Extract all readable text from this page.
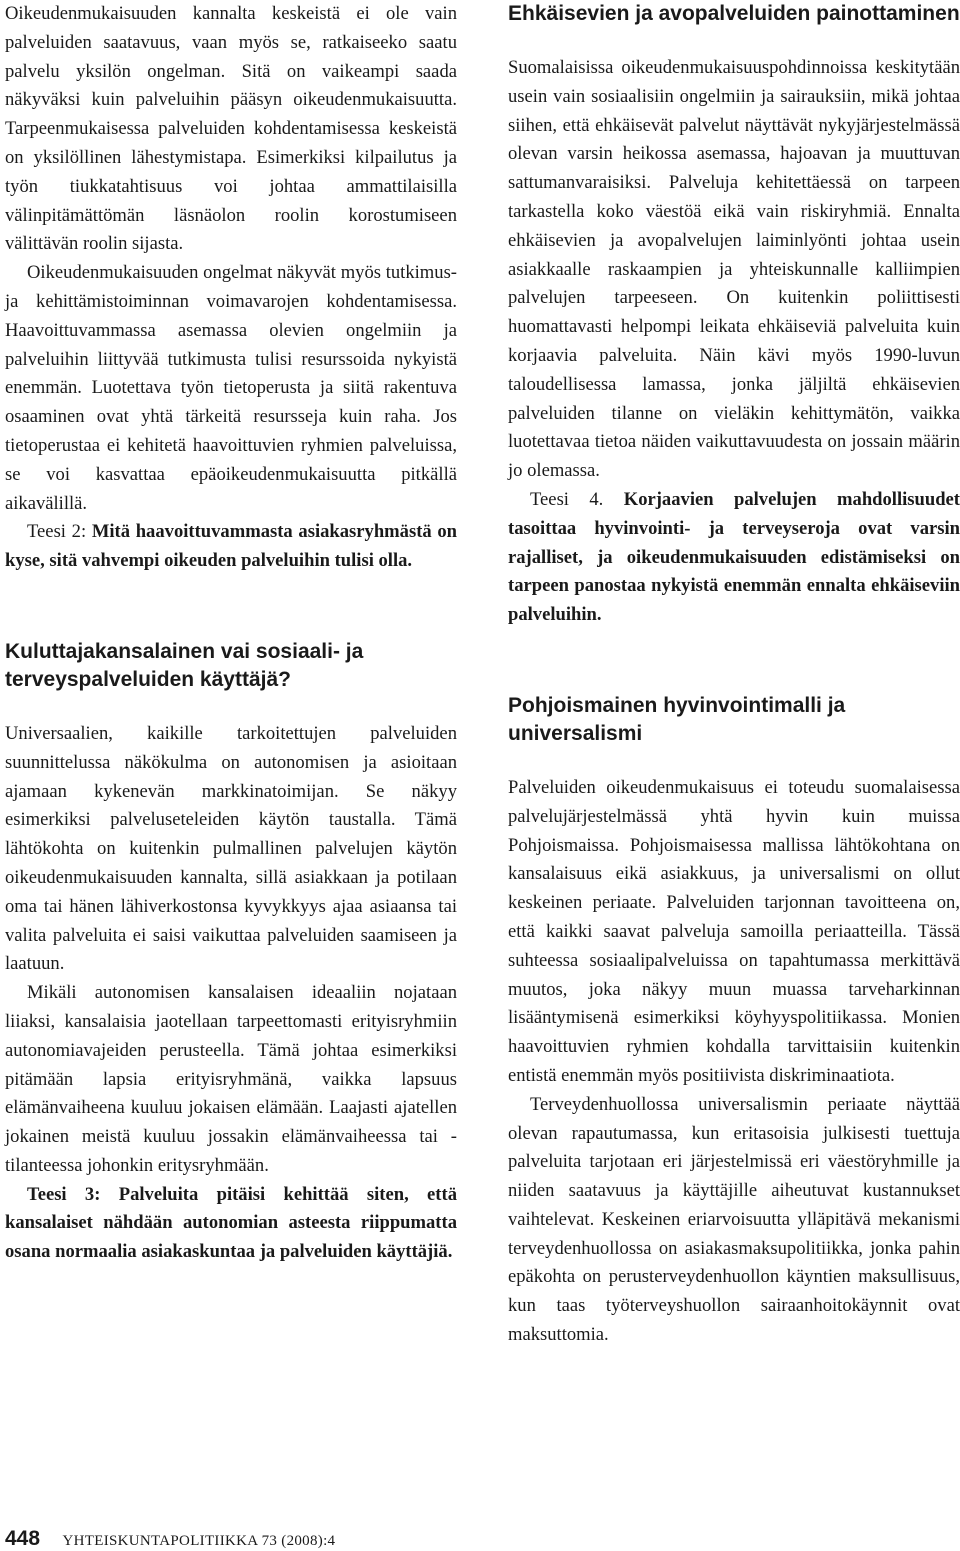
Oikeudenmukaisuuden kannalta keskeistä ei ole vain palveluiden saatavuus, vaan myös se, ratkaiseeko saatu palvelu yksilön ongelman. Sitä on vaikeampi saada näkyväksi kuin palveluihin pääsyn oikeudenmukaisuutta. Tarpeenmukaisessa palveluiden kohdentamisessa keskeistä on yksilöllinen lähestymistapa. Esimerkiksi kilpailutus ja työn tiukkatahtisuus voi johtaa ammattilaisilla välinpitämättömän läsnäolon roolin korostumiseen välittävän roolin sijasta.

Oikeudenmukaisuuden ongelmat näkyvät myös tutkimus- ja kehittämistoiminnan voimavarojen kohdentamisessa. Haavoittuvammassa asemassa olevien ongelmiin ja palveluihin liittyvää tutkimusta tulisi resurssoida nykyistä enemmän. Luotettava työn tietoperusta ja siitä rakentuva osaaminen ovat yhtä tärkeitä resursseja kuin raha. Jos tietoperustaa ei kehitetä haavoittuvien ryhmien palveluissa, se voi kasvattaa epäoikeudenmukaisuutta pitkällä aikavälillä.

Teesi 2: Mitä haavoittuvammasta asiakasryhmästä on kyse, sitä vahvempi oikeuden palveluihin tulisi olla.

Kuluttajakansalainen vai sosiaali- ja terveyspalveluiden käyttäjä?

Universaalien, kaikille tarkoitettujen palveluiden suunnittelussa näkökulma on autonomisen ja asioitaan ajamaan kykenevän markkinatoimijan. Se näkyy esimerkiksi palveluseteleiden käytön taustalla. Tämä lähtökohta on kuitenkin pulmallinen palvelujen käytön oikeudenmukaisuuden kannalta, sillä asiakkaan ja potilaan oma tai hänen lähiverkostonsa kyvykkyys ajaa asiaansa tai valita palveluita ei saisi vaikuttaa palveluiden saamiseen ja laatuun.

Mikäli autonomisen kansalaisen ideaaliin nojataan liiaksi, kansalaisia jaotellaan tarpeettomasti erityisryhmiin autonomiavajeiden perusteella. Tämä johtaa esimerkiksi pitämään lapsia erityisryhmänä, vaikka lapsuus elämänvaiheena kuuluu jokaisen elämään. Laajasti ajatellen jokainen meistä kuuluu jossakin elämänvaiheessa tai -tilanteessa johonkin eritysryhmään.

Teesi 3: Palveluita pitäisi kehittää siten, että kansalaiset nähdään autonomian asteesta riippumatta osana normaalia asiakaskuntaa ja palveluiden käyttäjiä.

Ehkäisevien ja avopalveluiden painottaminen

Suomalaisissa oikeudenmukaisuuspohdinnoissa keskitytään usein vain sosiaalisiin ongelmiin ja sairauksiin, mikä johtaa siihen, että ehkäisevät palvelut näyttävät nykyjärjestelmässä olevan varsin heikossa asemassa, hajoavan ja muuttuvan sattumanvaraisiksi. Palveluja kehitettäessä on tarpeen tarkastella koko väestöä eikä vain riskiryhmiä. Ennalta ehkäisevien ja avopalvelujen laiminlyönti johtaa usein asiakkaalle raskaampien ja yhteiskunnalle kalliimpien palvelujen tarpeeseen. On kuitenkin poliittisesti huomattavasti helpompi leikata ehkäiseviä palveluita kuin korjaavia palveluita. Näin kävi myös 1990-luvun taloudellisessa lamassa, jonka jäljiltä ehkäisevien palveluiden tilanne on vieläkin kehittymätön, vaikka luotettavaa tietoa näiden vaikuttavuudesta on jossain määrin jo olemassa.

Teesi 4. Korjaavien palvelujen mahdollisuudet tasoittaa hyvinvointi- ja terveyseroja ovat varsin rajalliset, ja oikeudenmukaisuuden edistämiseksi on tarpeen panostaa nykyistä enemmän ennalta ehkäiseviin palveluihin.

Pohjoismainen hyvinvointimalli ja universalismi

Palveluiden oikeudenmukaisuus ei toteudu suomalaisessa palvelujärjestelmässä yhtä hyvin kuin muissa Pohjoismaissa. Pohjoismaisessa mallissa lähtökohtana on kansalaisuus eikä asiakkuus, ja universalismi on ollut keskeinen periaate. Palveluiden tarjonnan tavoitteena on, että kaikki saavat palveluja samoilla periaatteilla. Tässä suhteessa sosiaalipalveluissa on tapahtumassa merkittävä muutos, joka näkyy muun muassa tarveharkinnan lisääntymisenä esimerkiksi köyhyyspolitiikassa. Monien haavoittuvien ryhmien kohdalla tarvittaisiin kuitenkin entistä enemmän myös positiivista diskriminaatiota.

Terveydenhuollossa universalismin periaate näyttää olevan rapautumassa, kun eritasoisia julkisesti tuettuja palveluita tarjotaan eri järjestelmissä eri väestöryhmille ja niiden saatavuus ja käyttäjille aiheutuvat kustannukset vaihtelevat. Keskeinen eriarvoisuutta ylläpitävä mekanismi terveydenhuollossa on asiakasmaksupolitiikka, jonka pahin epäkohta on perusterveydenhuollon käyntien maksullisuus, kun taas työterveyshuollon sairaanhoitokäynnit ovat maksuttomia.

448 YHTEISKUNTAPOLITIIKKA 73 (2008):4
